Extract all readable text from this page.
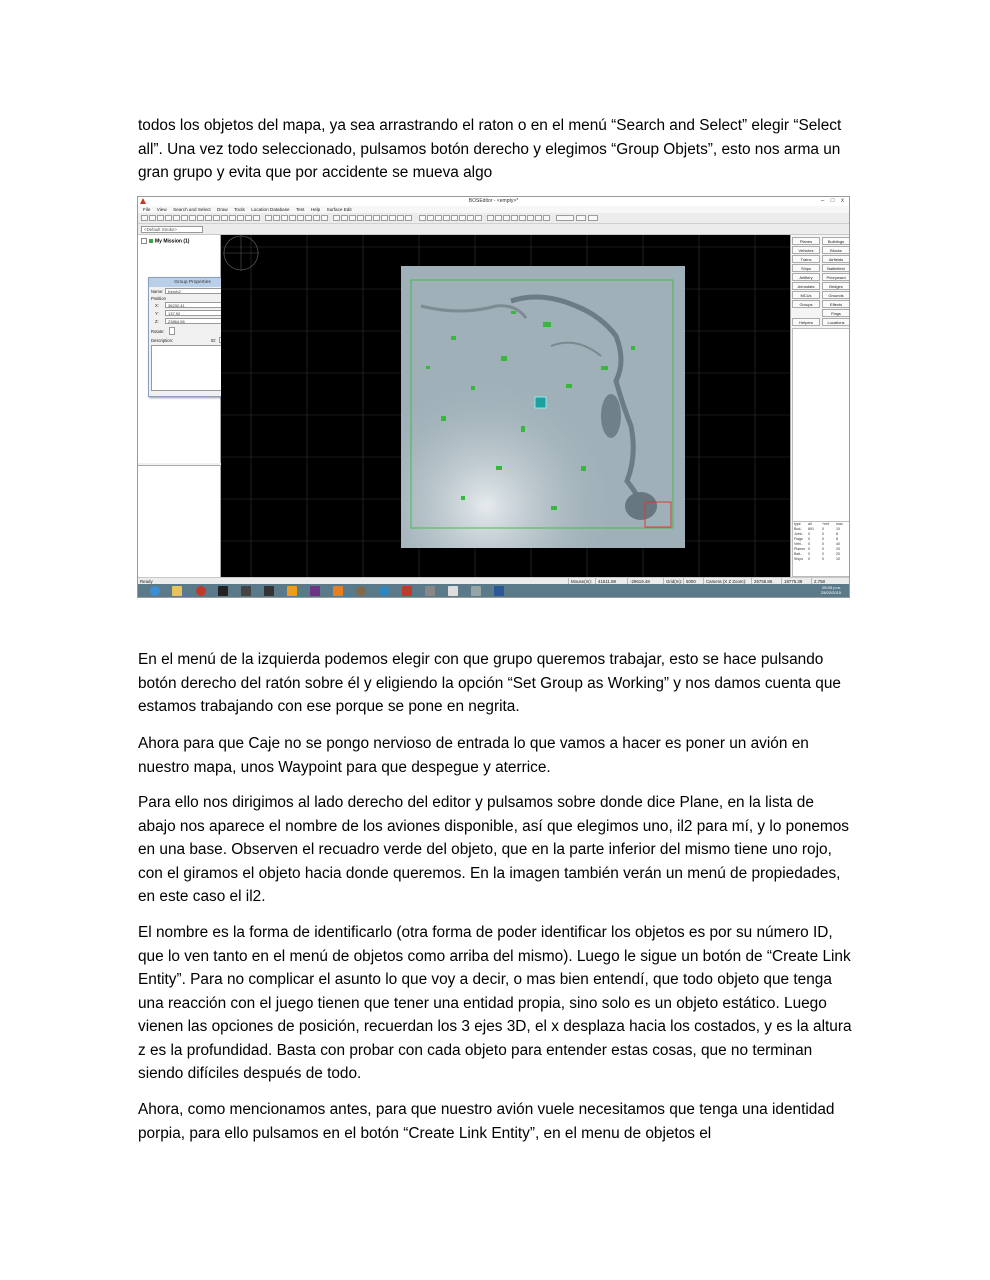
todos los objetos del mapa, ya sea arrastrando el raton o en el menú “Search and Select” elegir “Select all”. Una vez todo seleccionado, pulsamos botón derecho y elegimos “Group Objets”, esto nos arma un gran grupo y evita que por accidente se mueva algo

BOSEditor - <empty>*	–	□	x
File View Search and Select Draw Tools Location Database Test Help Surface Edit
<Default Stroke>
My Mission (1)
Group Properties
Name:	Kerch2
Position
X:	36232.41
Y:	137.92
Z:	23864.56
Rotate:
Description:	ID:
Planes	Buildings
Vehicles	Blocks
Trains	Airfields
Ships	Battlefield
Artillery	Prioryward
Aerostats	Bridges
MCUs	Grounds
Groups	Effects
Flags
Helpers	Locations
type all	+ent max
Bod.. 891 0	10
Joint.. 0	0	8
Flags 0	0	8
Vehi.. 0	0	40
Planes 0	0	20
Batl.. 0	0	20
Ships 0	0	10
Ready	Mouse(m):	41511.88	-29619.48	Grid(m): 5000	Camera (X Z Zoom):	25755.86	18776.38	2.758
05:05 p.m.
25/02/2015

En el menú de la izquierda podemos elegir con que grupo queremos trabajar, esto se hace pulsando botón derecho del ratón sobre él y eligiendo la opción “Set Group as Working” y nos damos cuenta que estamos trabajando con ese porque se pone en negrita.

Ahora para que Caje no se pongo nervioso de entrada lo que vamos a hacer es poner un avión en nuestro mapa, unos Waypoint para que despegue y aterrice.

Para ello nos dirigimos al lado derecho del editor y pulsamos sobre donde dice Plane, en la lista de abajo nos aparece el nombre de los aviones disponible, así que elegimos uno, il2 para mí, y lo ponemos en una base. Observen el recuadro verde del objeto, que en la parte inferior del mismo tiene uno rojo, con el giramos el objeto hacia donde queremos. En la imagen también verán un menú de propiedades, en este caso el il2.

El nombre es la forma de identificarlo (otra forma de poder identificar los objetos es por su número ID, que lo ven tanto en el menú de objetos como arriba del mismo). Luego le sigue un botón de “Create Link Entity”. Para no complicar el asunto lo que voy a decir, o mas bien entendí, que todo objeto que tenga una reacción con el juego tienen que tener una entidad propia, sino solo es un objeto estático. Luego vienen las opciones de posición, recuerdan los 3 ejes 3D, el x desplaza hacia los costados, y es la altura z es la profundidad. Basta con probar con cada objeto para entender estas cosas, que no terminan siendo difíciles después de todo.

Ahora, como mencionamos antes, para que nuestro avión vuele necesitamos que tenga una identidad porpia, para ello pulsamos en el botón “Create Link Entity”, en el menu de objetos el
